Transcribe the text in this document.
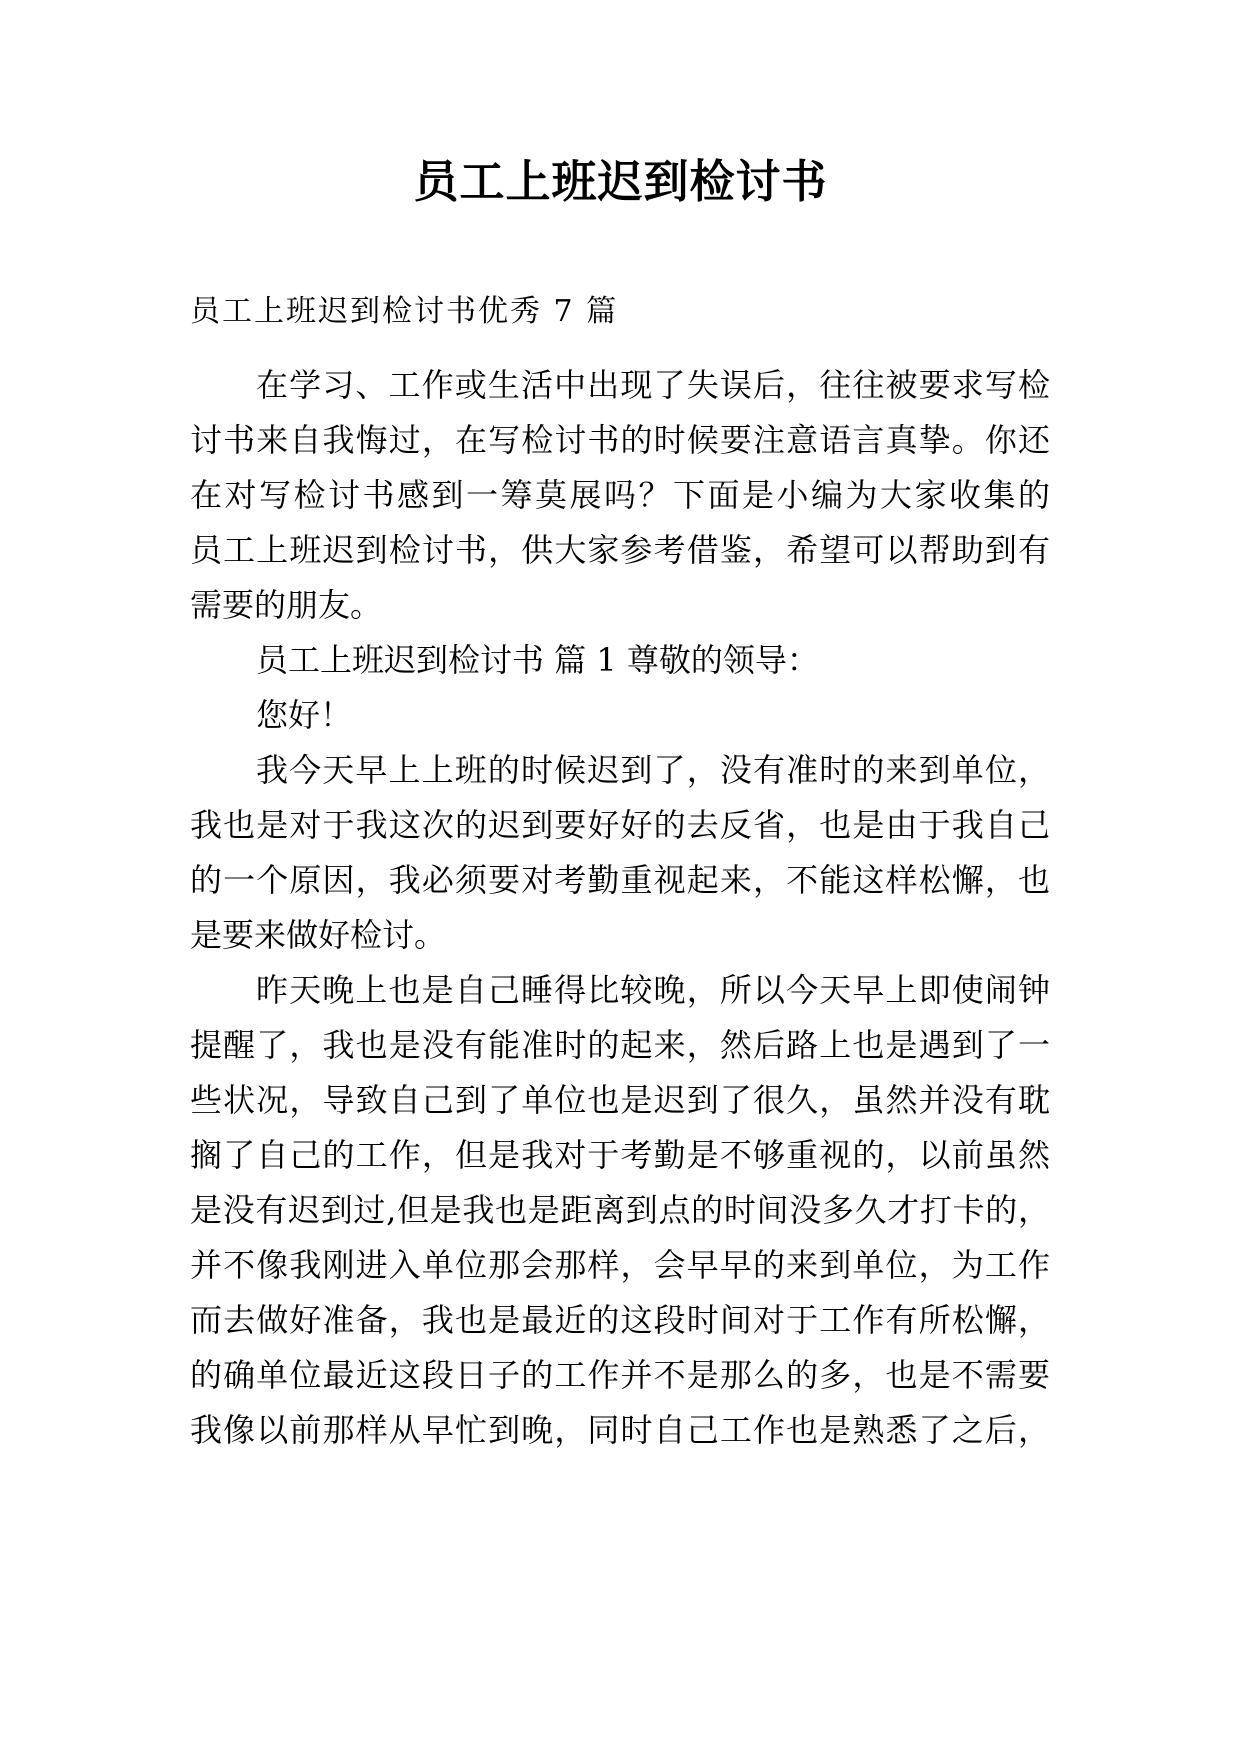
员工上班迟到检讨书
员工上班迟到检讨书优秀 7 篇
在学习、工作或生活中出现了失误后，往往被要求写检
讨书来自我悔过，在写检讨书的时候要注意语言真挚。你还
在对写检讨书感到一筹莫展吗？下面是小编为大家收集的
员工上班迟到检讨书，供大家参考借鉴，希望可以帮助到有
需要的朋友。
员工上班迟到检讨书 篇 1 尊敬的领导：
您好！
我今天早上上班的时候迟到了，没有准时的来到单位，
我也是对于我这次的迟到要好好的去反省，也是由于我自己
的一个原因，我必须要对考勤重视起来，不能这样松懈，也
是要来做好检讨。
昨天晚上也是自己睡得比较晚，所以今天早上即使闹钟
提醒了，我也是没有能准时的起来，然后路上也是遇到了一
些状况，导致自己到了单位也是迟到了很久，虽然并没有耽
搁了自己的工作，但是我对于考勤是不够重视的，以前虽然
是没有迟到过,但是我也是距离到点的时间没多久才打卡的，
并不像我刚进入单位那会那样，会早早的来到单位，为工作
而去做好准备，我也是最近的这段时间对于工作有所松懈，
的确单位最近这段日子的工作并不是那么的多，也是不需要
我像以前那样从早忙到晚，同时自己工作也是熟悉了之后，
